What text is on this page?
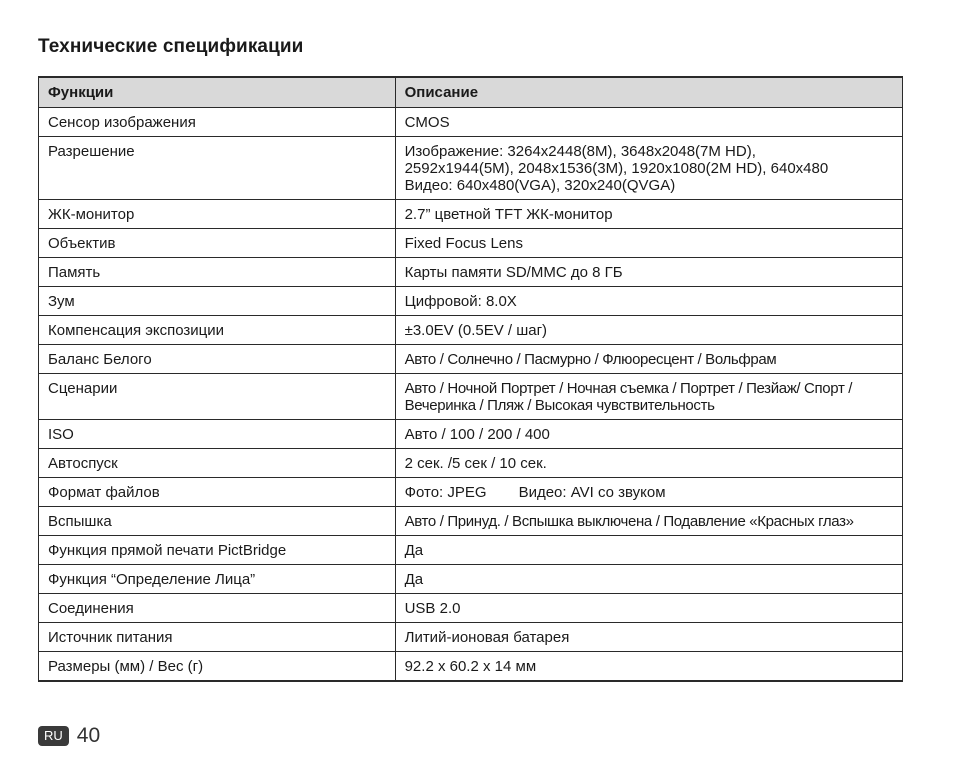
Технические спецификации
Функции	Описание
Сенсор изображения	CMOS
Разрешение	Изображение: 3264x2448(8M), 3648x2048(7M HD),
2592x1944(5M), 2048x1536(3M), 1920x1080(2M HD), 640x480
Видео: 640x480(VGA), 320x240(QVGA)
ЖК-монитор	2.7” цветной TFT ЖК-монитор
Объектив	Fixed Focus Lens
Память	Карты памяти SD/MMC до 8 ГБ
Зум	Цифровой: 8.0X
Компенсация экспозиции	±3.0EV (0.5EV / шаг)
Баланс Белого	Авто / Солнечно / Пасмурно / Флюоресцент / Вольфрам
Сценарии	Авто / Ночной Портрет / Ночная съемка / Портрет / Пезйаж/ Спорт /
Вечеринка / Пляж / Высокая чувствительность
ISO	Авто / 100 / 200 / 400
Автоспуск	2 сек. /5 сек / 10 сек.
Формат файлов	Фото: JPEG Видео: AVI со звуком
Вспышка	Авто / Принуд. / Вспышка выключена / Подавление «Красных глаз»
Функция прямой печати PictBridge	Да
Функция “Определение Лица”	Да
Соединения	USB 2.0
Источник питания	Литий-ионовая батарея
Размеры (мм) / Вес (г)	92.2 x 60.2 x 14 мм
RU 40
